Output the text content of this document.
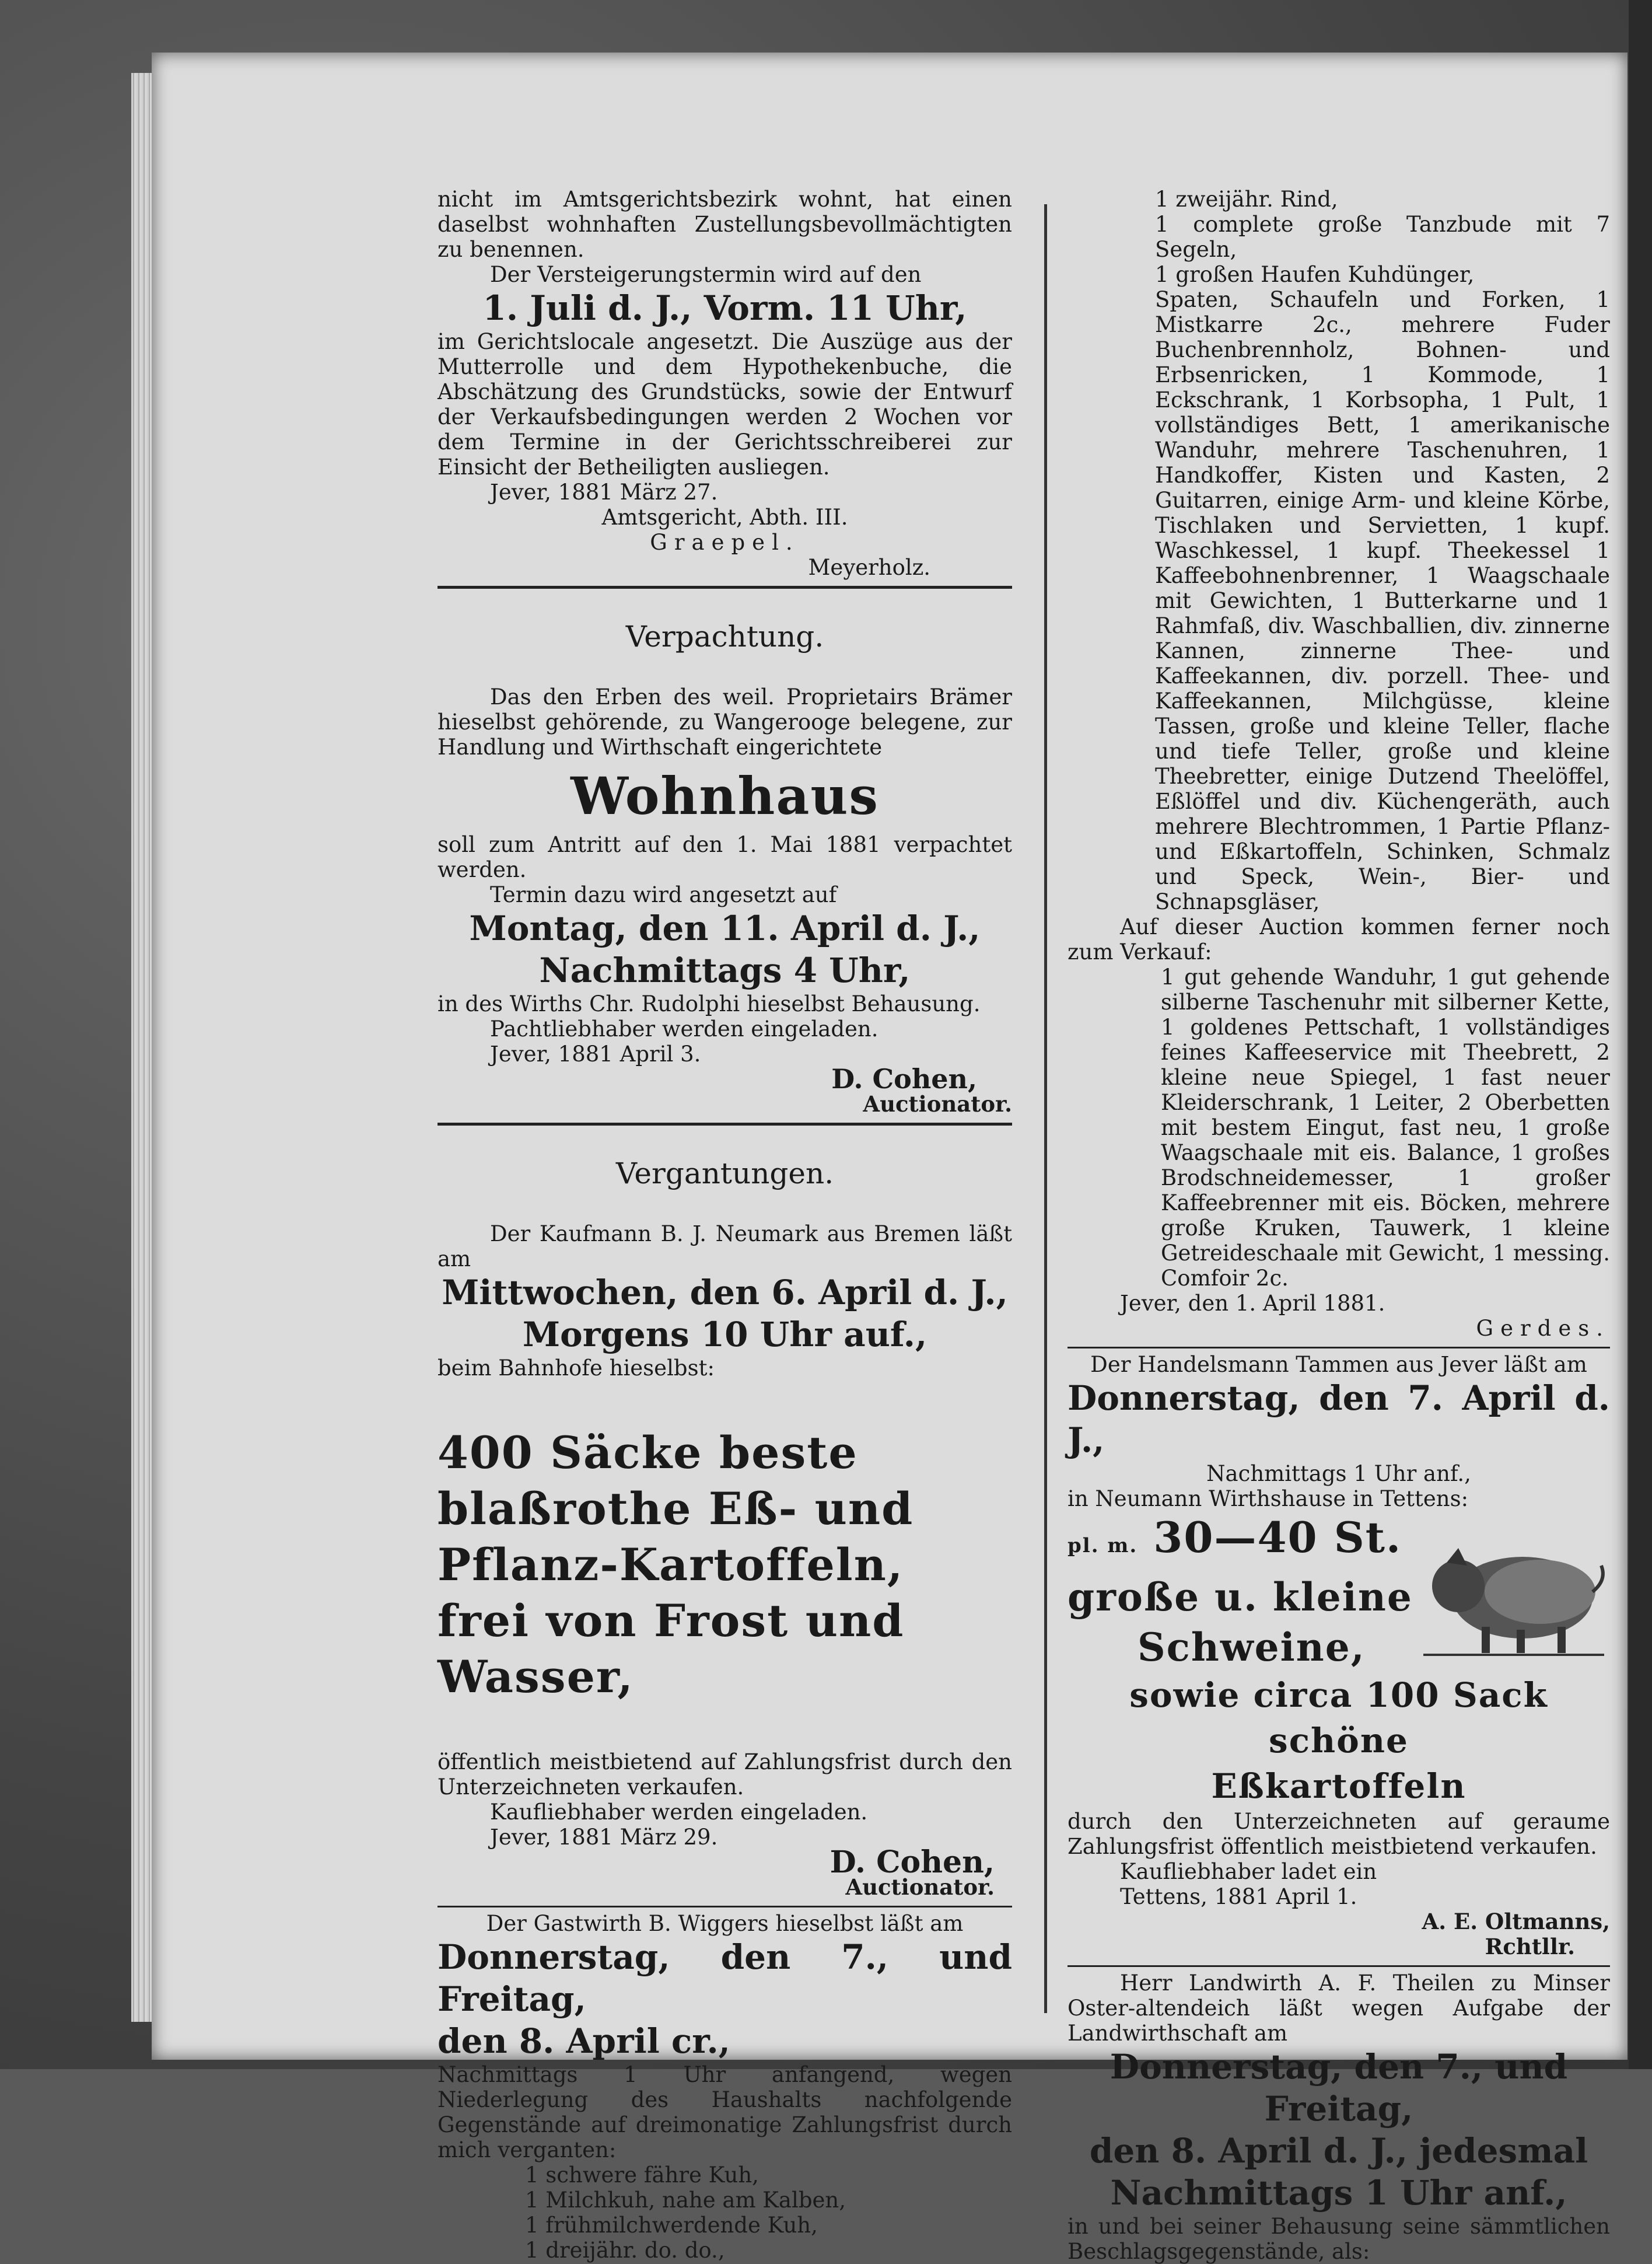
nicht im Amtsgerichtsbezirk wohnt, hat einen daselbst wohnhaften Zustellungsbevollmächtigten zu benennen.

Der Versteigerungstermin wird auf den

1. Juli d. J., Vorm. 11 Uhr,

im Gerichtslocale angesetzt. Die Auszüge aus der Mutterrolle und dem Hypothekenbuche, die Abschätzung des Grundstücks, sowie der Entwurf der Verkaufsbedingungen werden 2 Wochen vor dem Termine in der Gerichtsschreiberei zur Einsicht der Betheiligten ausliegen.

Jever, 1881 März 27.

Amtsgericht, Abth. III.

Graepel.

Meyerholz.

Verpachtung.

Das den Erben des weil. Proprietairs Brämer hieselbst gehörende, zu Wangerooge belegene, zur Handlung und Wirthschaft eingerichtete

Wohnhaus

soll zum Antritt auf den 1. Mai 1881 verpachtet werden.

Termin dazu wird angesetzt auf

Montag, den 11. April d. J.,

Nachmittags 4 Uhr,

in des Wirths Chr. Rudolphi hieselbst Behausung.

Pachtliebhaber werden eingeladen.

Jever, 1881 April 3.

D. Cohen,

Auctionator.

Vergantungen.

Der Kaufmann B. J. Neumark aus Bremen läßt am

Mittwochen, den 6. April d. J.,

Morgens 10 Uhr auf.,

beim Bahnhofe hieselbst:

400 Säcke beste blaßrothe Eß- und Pflanz-Kartoffeln, frei von Frost und Wasser,

öffentlich meistbietend auf Zahlungsfrist durch den Unterzeichneten verkaufen.

Kaufliebhaber werden eingeladen.

Jever, 1881 März 29.

D. Cohen,

Auctionator.

Der Gastwirth B. Wiggers hieselbst läßt am

Donnerstag, den 7., und Freitag,

den 8. April cr.,

Nachmittags 1 Uhr anfangend, wegen Niederlegung des Haushalts nachfolgende Gegenstände auf dreimonatige Zahlungsfrist durch mich verganten:

1 schwere fähre Kuh,

1 Milchkuh, nahe am Kalben,

1 frühmilchwerdende Kuh,

1 dreijähr. do. do.,

1 zweijähr. Rind,

1 complete große Tanzbude mit 7 Segeln,

1 großen Haufen Kuhdünger,

Spaten, Schaufeln und Forken, 1 Mistkarre 2c., mehrere Fuder Buchenbrennholz, Bohnen- und Erbsenricken, 1 Kommode, 1 Eckschrank, 1 Korbsopha, 1 Pult, 1 vollständiges Bett, 1 amerikanische Wanduhr, mehrere Taschenuhren, 1 Handkoffer, Kisten und Kasten, 2 Guitarren, einige Arm- und kleine Körbe, Tischlaken und Servietten, 1 kupf. Waschkessel, 1 kupf. Theekessel 1 Kaffeebohnenbrenner, 1 Waagschaale mit Gewichten, 1 Butterkarne und 1 Rahmfaß, div. Waschballien, div. zinnerne Kannen, zinnerne Thee- und Kaffeekannen, div. porzell. Thee- und Kaffeekannen, Milchgüsse, kleine Tassen, große und kleine Teller, flache und tiefe Teller, große und kleine Theebretter, einige Dutzend Theelöffel, Eßlöffel und div. Küchengeräth, auch mehrere Blechtrommen, 1 Partie Pflanz- und Eßkartoffeln, Schinken, Schmalz und Speck, Wein-, Bier- und Schnapsgläser,

Auf dieser Auction kommen ferner noch zum Verkauf:

1 gut gehende Wanduhr, 1 gut gehende silberne Taschenuhr mit silberner Kette, 1 goldenes Pettschaft, 1 vollständiges feines Kaffeeservice mit Theebrett, 2 kleine neue Spiegel, 1 fast neuer Kleiderschrank, 1 Leiter, 2 Oberbetten mit bestem Eingut, fast neu, 1 große Waagschaale mit eis. Balance, 1 großes Brodschneidemesser, 1 großer Kaffeebrenner mit eis. Böcken, mehrere große Kruken, Tauwerk, 1 kleine Getreideschaale mit Gewicht, 1 messing. Comfoir 2c.

Jever, den 1. April 1881.

Gerdes.

Der Handelsmann Tammen aus Jever läßt am

Donnerstag, den 7. April d. J.,

Nachmittags 1 Uhr anf.,

in Neumann Wirthshause in Tettens:

pl. m. 30—40 St.

große u. kleine

Schweine,

sowie circa 100 Sack schöne

Eßkartoffeln

durch den Unterzeichneten auf geraume Zahlungsfrist öffentlich meistbietend verkaufen.

Kaufliebhaber ladet ein

Tettens, 1881 April 1.

A. E. Oltmanns,

Rchtllr.

Herr Landwirth A. F. Theilen zu Minser Oster-altendeich läßt wegen Aufgabe der Landwirthschaft am

Donnerstag, den 7., und Freitag,

den 8. April d. J., jedesmal

Nachmittags 1 Uhr anf.,

in und bei seiner Behausung seine sämmtlichen Beschlagsgegenstände, als:
